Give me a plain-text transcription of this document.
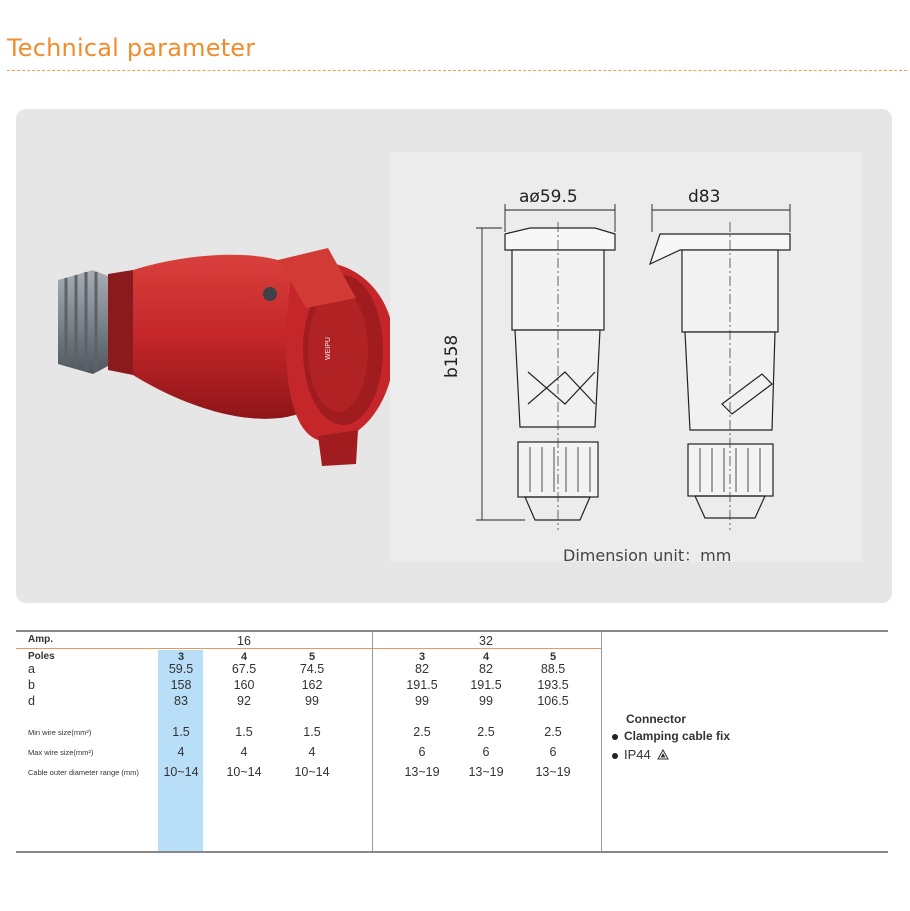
Technical parameter
WEIPU
aø59.5	d83
b158
Dimension unit：mm
Amp.	16	32
Poles	3	4	5	3	4	5
a	59.5	67.5	74.5	82	82	88.5
b	158	160	162	191.5	191.5	193.5
d	83	92	99	99	99	106.5
Min wire size(mm²)	1.5	1.5	1.5	2.5	2.5	2.5
Max wire size(mm²)	4	4	4	6	6	6
Cable outer diameter range (mm)	10~14	10~14	10~14	13~19	13~19	13~19
Connector
Clamping cable fix
IP44
